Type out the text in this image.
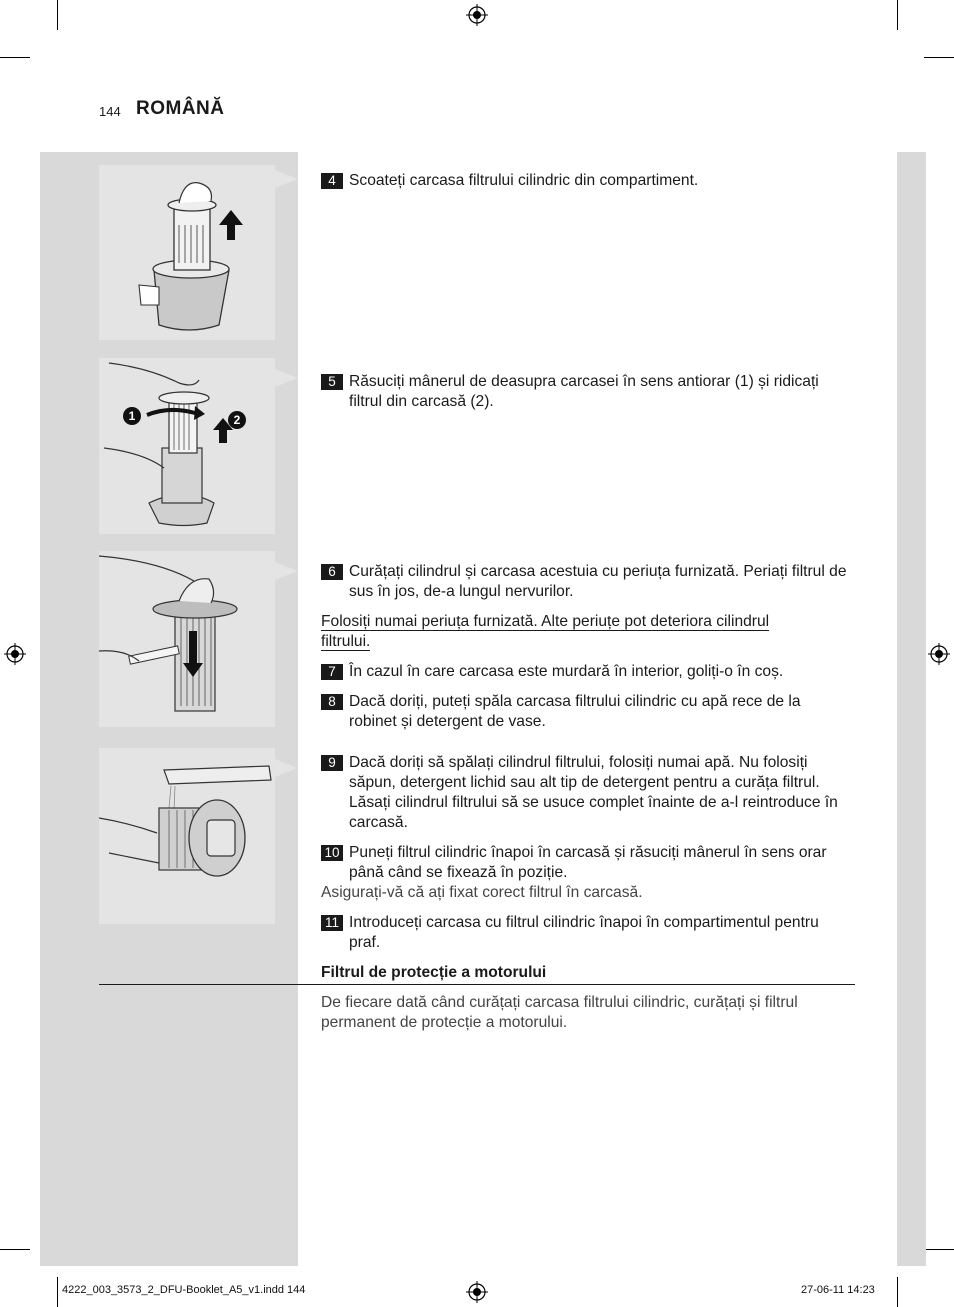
144 ROMÂNĂ
1	2
4 Scoateți carcasa filtrului cilindric din compartiment.
5 Răsuciți mânerul de deasupra carcasei în sens antiorar (1) și ridicați filtrul din carcasă (2).
6 Curățați cilindrul și carcasa acestuia cu periuța furnizată. Periați filtrul de sus în jos, de-a lungul nervurilor.
Folosiți numai periuța furnizată. Alte periuțe pot deteriora cilindrul filtrului.
7 În cazul în care carcasa este murdară în interior, goliți-o în coș.
8 Dacă doriți, puteți spăla carcasa filtrului cilindric cu apă rece de la robinet și detergent de vase.
9 Dacă doriți să spălați cilindrul filtrului, folosiți numai apă. Nu folosiți săpun, detergent lichid sau alt tip de detergent pentru a curăța filtrul. Lăsați cilindrul filtrului să se usuce complet înainte de a-l reintroduce în carcasă.
10 Puneți filtrul cilindric înapoi în carcasă și răsuciți mânerul în sens orar până când se fixează în poziție.
Asigurați-vă că ați fixat corect filtrul în carcasă.
11 Introduceți carcasa cu filtrul cilindric înapoi în compartimentul pentru praf.
Filtrul de protecție a motorului
De fiecare dată când curățați carcasa filtrului cilindric, curățați și filtrul permanent de protecție a motorului.
4222_003_3573_2_DFU-Booklet_A5_v1.indd 144	27-06-11 14:23
